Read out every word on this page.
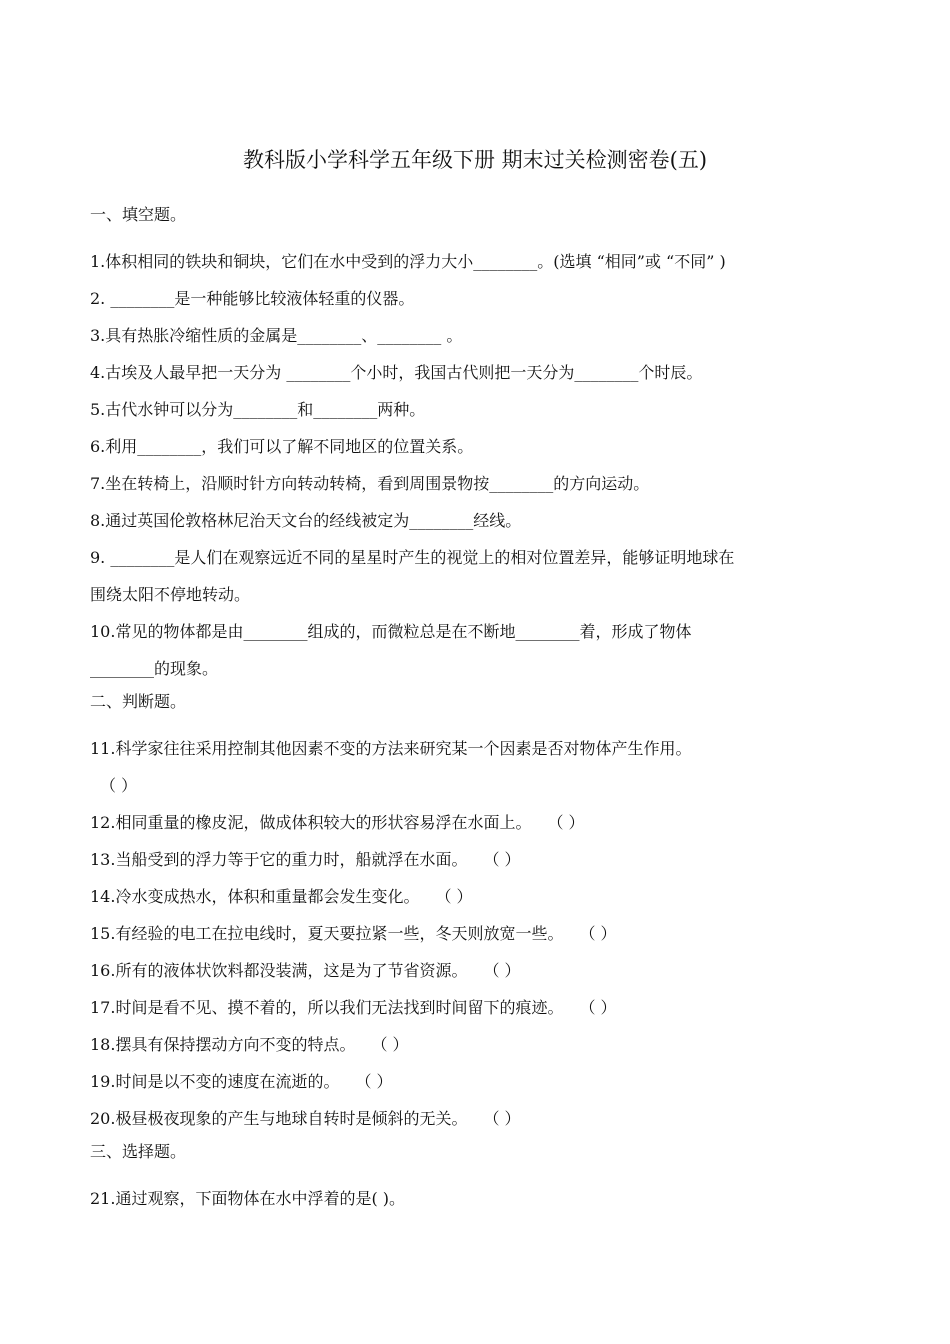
教科版小学科学五年级下册 期末过关检测密卷(五)
一、填空题。
1.体积相同的铁块和铜块，它们在水中受到的浮力大小________。(选填 “相同”或 “不同” )
2. ________是一种能够比较液体轻重的仪器。
3.具有热胀冷缩性质的金属是________、________ 。
4.古埃及人最早把一天分为 ________个小时，我国古代则把一天分为________个时辰。
5.古代水钟可以分为________和________两种。
6.利用________，我们可以了解不同地区的位置关系。
7.坐在转椅上，沿顺时针方向转动转椅，看到周围景物按________的方向运动。
8.通过英国伦敦格林尼治天文台的经线被定为________经线。
9. ________是人们在观察远近不同的星星时产生的视觉上的相对位置差异，能够证明地球在
围绕太阳不停地转动。
10.常见的物体都是由________组成的，而微粒总是在不断地________着，形成了物体
________的现象。
二、判断题。
11.科学家往往采用控制其他因素不变的方法来研究某一个因素是否对物体产生作用。
（ ）
12.相同重量的橡皮泥，做成体积较大的形状容易浮在水面上。　　（ ）
13.当船受到的浮力等于它的重力时，船就浮在水面。　　（ ）
14.冷水变成热水，体积和重量都会发生变化。　　（ ）
15.有经验的电工在拉电线时，夏天要拉紧一些，冬天则放宽一些。　　（ ）
16.所有的液体状饮料都没装满，这是为了节省资源。　　（ ）
17.时间是看不见、摸不着的，所以我们无法找到时间留下的痕迹。　　（ ）
18.摆具有保持摆动方向不变的特点。　　（ ）
19.时间是以不变的速度在流逝的。　　（ ）
20.极昼极夜现象的产生与地球自转时是倾斜的无关。　　（ ）
三、选择题。
21.通过观察，下面物体在水中浮着的是( )。
